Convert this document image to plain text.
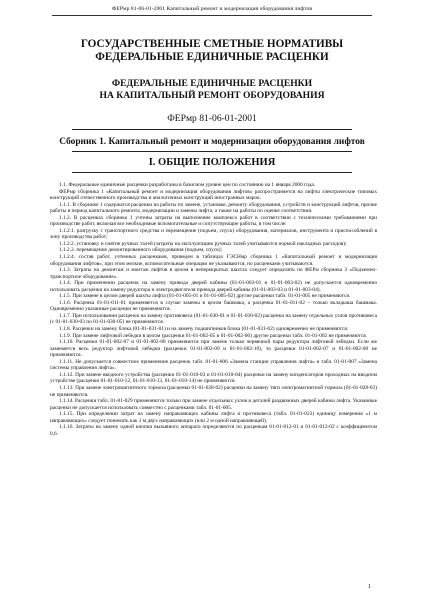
ФЕРмр 81-06-01-2001 Капитальный ремонт и модернизация оборудования лифтов
ГОСУДАРСТВЕННЫЕ СМЕТНЫЕ НОРМАТИВЫ
ФЕДЕРАЛЬНЫЕ ЕДИНИЧНЫЕ РАСЦЕНКИ
ФЕДЕРАЛЬНЫЕ ЕДИНИЧНЫЕ РАСЦЕНКИ
НА КАПИТАЛЬНЫЙ РЕМОНТ ОБОРУДОВАНИЯ
ФЕРмр 81-06-01-2001
Сборник 1. Капитальный ремонт и модернизация оборудования лифтов
I. ОБЩИЕ ПОЛОЖЕНИЯ

1.1. Федеральные единичные расценки разработаны в базисном уровне цен по состоянию на 1 января 2000 года.

ФЕРмр сборника 1 «Капитальный ремонт и модернизация оборудования лифтов» распространяется на лифты электрические типовых конструкций отечественного производства и аналогичных конструкций иностранных марок.

1.1.1. В сборнике 1 содержатся расценки на работы по замене, установке, ремонту оборудования, устройств и конструкций лифтов, прочие работы в период капитального ремонта, модернизации и замены лифта, а также на работы по оценке соответствия.

1.1.2. В расценках сборника 1 учтены затраты на выполнение комплекса работ в соответствии с техническими требованиями при производстве работ, включая все необходимые вспомогательные и сопутствующие работы, в том числе:

1.1.2.1. разгрузку с транспортного средства и перемещение (подъем, спуск) оборудования, материалов, инструмента и приспособлений в зону производства работ;

1.1.2.2. установку и снятие ручных талей (затраты на эксплуатацию ручных талей учитываются нормой накладных расходов);

1.1.2.3. перемещение демонтированного оборудования (подъем, спуск);

1.1.2.4. состав работ, учтенных расценками, приведен в таблицах ГЭСНмр сборника 1 «Капитальный ремонт и модернизация оборудования лифтов», при этом мелкие, вспомогательные операции не указываются, но расценками учитываются.

1.1.3. Затраты на демонтаж и монтаж лифтов в целом в неперекрытых шахтах следует определять по ФЕРм сборника 3 «Подъемно-транспортное оборудование».

1.1.4. При применении расценок на замену привода дверей кабины (01-01-003-01 и 01-01-003-02) не допускается одновременно использовать расценки на замену редуктора и электродвигателя привода дверей кабины (01-01-003-03 и 01-01-003-04).

1.1.5. При замене в целом дверей шахты лифта (01-01-005-01 и 01-01-005-02) другие расценки табл. 01-01-005 не применяются.

1.1.6. Расценка 01-01-011-01 применяется в случае замены в целом башмака, а расценка 01-01-011-02 – только вкладыша башмака. Одновременно указанные расценки не применяются.

1.1.7. При использовании расценок на замену противовеса (01-01-030-01 и 01-01-030-02) расценки на замену отдельных узлов противовеса (с 01-01-030-03 по 01-01-030-05) не применяются.

1.1.8. Расценки на замену блока (01-01-031-01) и на замену подшипников блока (01-01-031-02) одновременно не применяются.

1.1.9. При замене лифтовой лебедки в целом (расценки 01-01-002-05 и 01-01-002-06) другие расценки табл. 01-01-002 не применяются.

1.1.10. Расценки 01-01-002-07 и 01-01-002-08 применяются при замене только червячной пары редуктора лифтовой лебедки. Если же заменяется весь редуктор лифтовой лебедки (расценки 01-01-002-09 и 01-01-002-10), то расценки 01-01-002-07 и 01-01-002-08 не применяются.

1.1.11. Не допускается совместное применение расценок табл. 01-01-006 «Замена станции управления лифта» и табл. 01-01-007 «Замена системы управления лифта».

1.1.12. При замене вводного устройства (расценки 01-01-010-03 и 01-01-010-04) расценки на замену конденсаторов проходных на вводном устройстве (расценки 01-01-010-12, 01-01-010-13, 01-01-010-14) не применяются.

1.1.13. При замене электромагнитного тормоза (расценки 01-01-028-02) расценки на замену тяги электромагнитной тормоза (01-01-028-03) не применяются.

1.1.14. Расценки табл. 01-01-029 применяются только при замене отдельных узлов и деталей раздвижных дверей кабины лифта. Указанные расценки не допускается использовать совместно с расценками табл. 01-01-005.

1.1.15. При определении затрат на замену направляющих кабины лифта и противовеса (табл. 01-01-023) единицу измерения «1 м направляющих» следует понимать как 1 м двух направляющих (или 2 м одной направляющей).

1.1.16. Затраты на замену одной кнопки вызывного аппарата определяются по расценкам 01-01-012-01 и 01-01-012-02 с коэффициентом 0,6.

1
